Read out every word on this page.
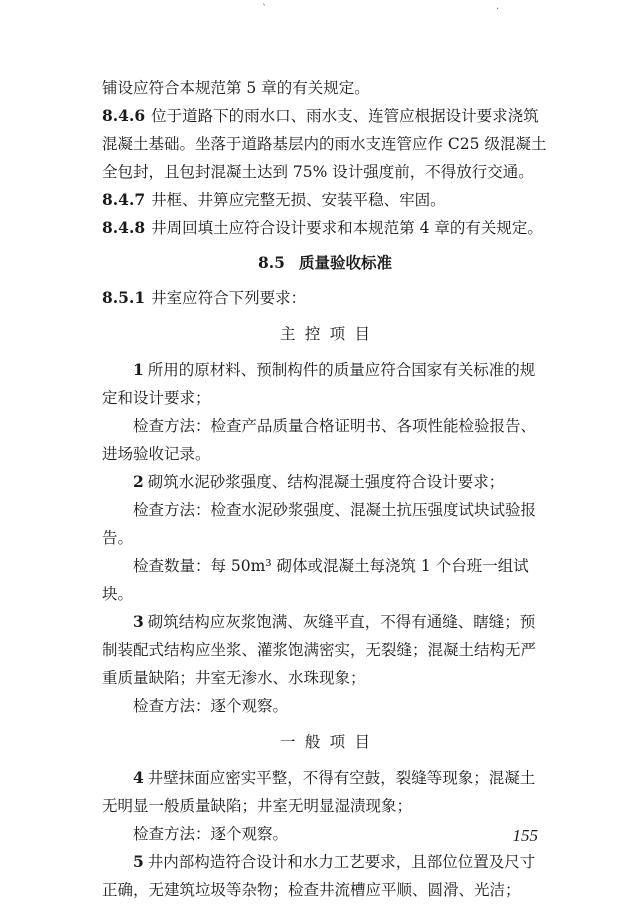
`	·

铺设应符合本规范第 5 章的有关规定。

8.4.6 位于道路下的雨水口、雨水支、连管应根据设计要求浇筑混凝土基础。坐落于道路基层内的雨水支连管应作 C25 级混凝土全包封，且包封混凝土达到 75% 设计强度前，不得放行交通。

8.4.7 井框、井箅应完整无损、安装平稳、牢固。

8.4.8 井周回填土应符合设计要求和本规范第 4 章的有关规定。

8.5 质量验收标准

8.5.1 井室应符合下列要求：

主控项目

1 所用的原材料、预制构件的质量应符合国家有关标准的规定和设计要求；

检查方法：检查产品质量合格证明书、各项性能检验报告、进场验收记录。

2 砌筑水泥砂浆强度、结构混凝土强度符合设计要求；

检查方法：检查水泥砂浆强度、混凝土抗压强度试块试验报告。

检查数量：每 50m³ 砌体或混凝土每浇筑 1 个台班一组试块。

3 砌筑结构应灰浆饱满、灰缝平直，不得有通缝、瞎缝；预制装配式结构应坐浆、灌浆饱满密实，无裂缝；混凝土结构无严重质量缺陷；井室无渗水、水珠现象；

检查方法：逐个观察。

一般项目

4 井壁抹面应密实平整，不得有空鼓，裂缝等现象；混凝土无明显一般质量缺陷；井室无明显湿渍现象；

检查方法：逐个观察。

5 井内部构造符合设计和水力工艺要求，且部位位置及尺寸正确，无建筑垃圾等杂物；检查井流槽应平顺、圆滑、光洁；

155
